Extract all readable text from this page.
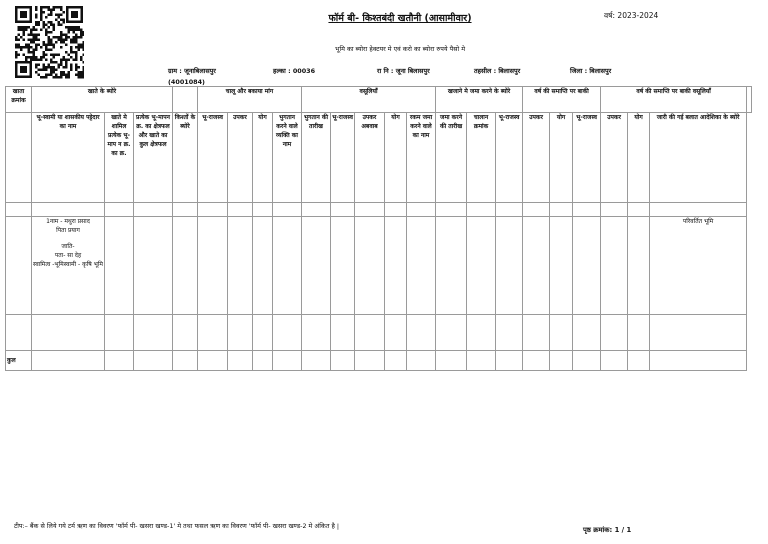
फॉर्म बी- किश्तबंदी खतौनी (आसामीवार)	वर्ष: 2023-2024
भूमि का ब्योरा हेक्टयर मे एवं करो का ब्योरा रुपये पैसो मे
ग्राम : जूनाबिलासपुर
(4001084)
हल्का : 00036	रा नि : जूना बिलासपुर	तहसील : बिलासपुर	जिला : बिलासपुर
खाता क्रमांक	खाते के ब्योरे				चालू और बकाया मांग				वसूलियाँ					खजाने मे जमा करने के ब्योरे			वर्ष की समाप्ति पर बाकी			वर्ष की समाप्ति पर बाकी वसूलियाँ			
	भू-स्वामी या शासकीय पट्टेदार का नाम	खाते मे शामिल प्रत्येक भू-माप न क्र. का क्र.	प्रत्येक भू-मापन क्र. का क्षेत्रफल और खाते का कुल क्षेत्रफल	किश्तों के ब्योरे	भू-राजस्व	उपकर	योग	भुगतान करने वाले व्यक्ति का नाम	भुगतान की तारीख	भू-राजस्व	उपकर अबवाब	योग	रकम जमा करने वाले का नाम	जमा करने की तारीख	चालान क्रमांक	भू-राजस्व	उपकर	योग	भू-राजस्व	उपकर	योग	जारी की गई बलात आदेशिका के ब्योरे	

	1नाम - मथुरा प्रसाद
पिता प्रयाग
जाति-
पता- सा देह
स्वामित्व -भूमिस्वामी - कृषि भूमि																					परिवर्तित भूमि	

कुल																							
टीप:– बैंक से लिये गये टर्म ऋण का विवरण 'फॉर्म पी- खसरा खण्ड-1' मे तथा फसल ऋण का विवरण 'फॉर्म पी- खसरा खण्ड-2 मे अंकित है |	पृष्ठ क्रमांक: 1 / 1
